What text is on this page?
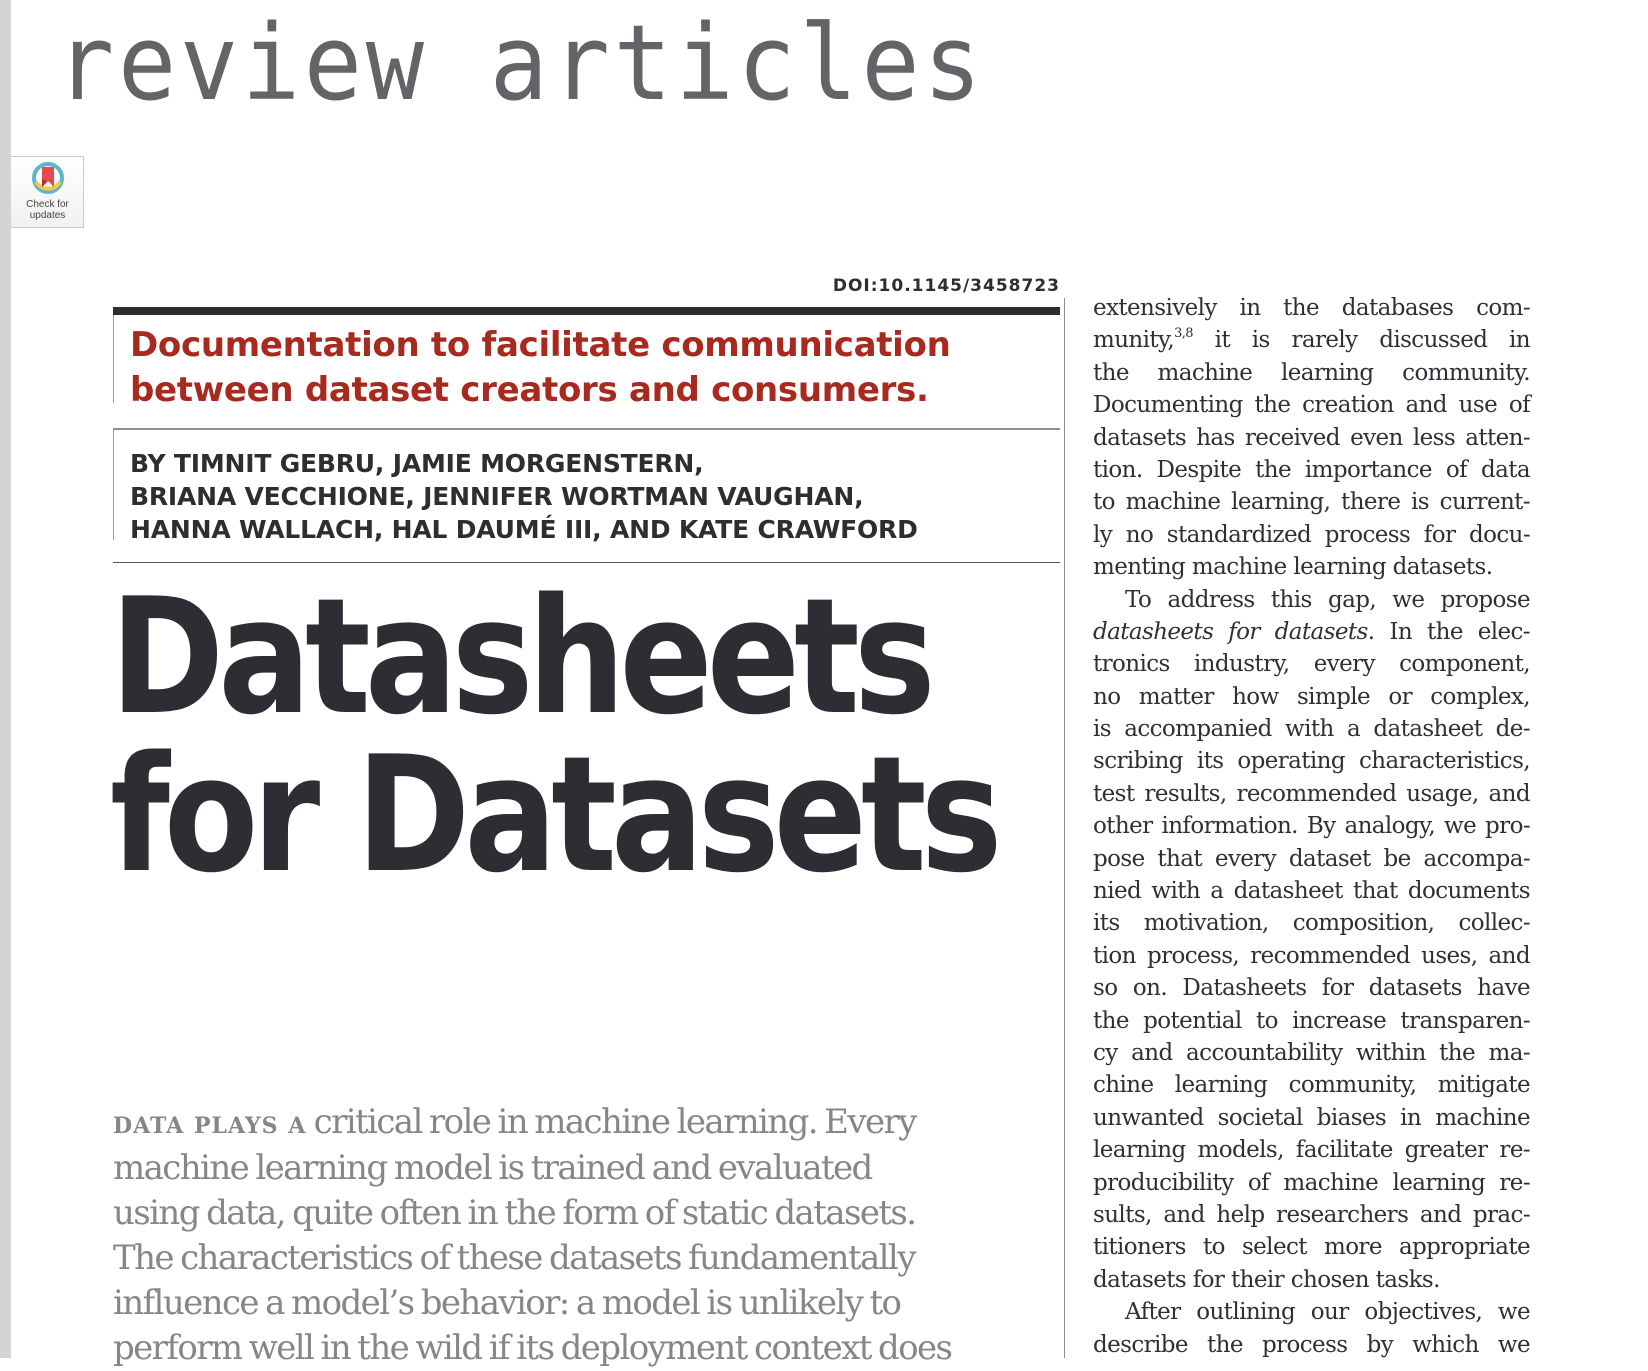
review articles
Check for
updates
DOI:10.1145/3458723
Documentation to facilitate communication
between dataset creators and consumers.
BY TIMNIT GEBRU, JAMIE MORGENSTERN,
BRIANA VECCHIONE, JENNIFER WORTMAN VAUGHAN,
HANNA WALLACH, HAL DAUMÉ III, AND KATE CRAWFORD
Datasheets
for Datasets

data plays a critical role in machine learning. Every

machine learning model is trained and evaluated

using data, quite often in the form of static datasets.

The characteristics of these datasets fundamentally

influence a model’s behavior: a model is unlikely to

perform well in the wild if its deployment context does

extensively in the databases com-
munity,$^{3,8}$ it is rarely discussed in
the machine learning community.
Documenting the creation and use of
datasets has received even less atten-
tion. Despite the importance of data
to machine learning, there is current-
ly no standardized process for docu-
menting machine learning datasets.
To address this gap, we propose
datasheets for datasets. In the elec-
tronics industry, every component,
no matter how simple or complex,
is accompanied with a datasheet de-
scribing its operating characteristics,
test results, recommended usage, and
other information. By analogy, we pro-
pose that every dataset be accompa-
nied with a datasheet that documents
its motivation, composition, collec-
tion process, recommended uses, and
so on. Datasheets for datasets have
the potential to increase transparen-
cy and accountability within the ma-
chine learning community, mitigate
unwanted societal biases in machine
learning models, facilitate greater re-
producibility of machine learning re-
sults, and help researchers and prac-
titioners to select more appropriate
datasets for their chosen tasks.
After outlining our objectives, we
describe the process by which we
